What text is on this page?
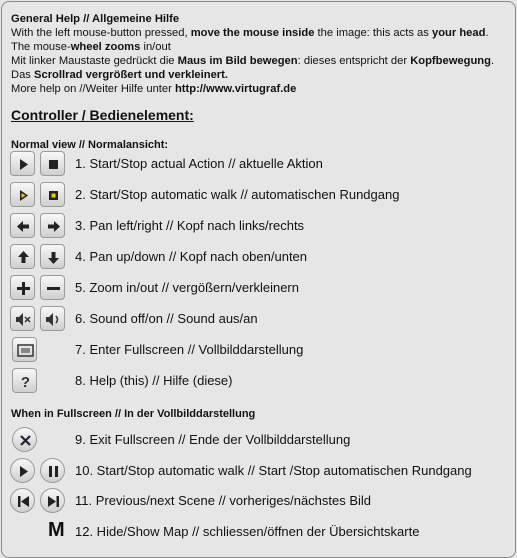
General Help // Allgemeine Hilfe
With the left mouse-button pressed, move the mouse inside the image: this acts as your head.
The mouse-wheel zooms in/out
Mit linker Maustaste gedrückt die Maus im Bild bewegen: dieses entspricht der Kopfbewegung.
Das Scrollrad vergrößert und verkleinert.
More help on //Weiter Hilfe unter http://www.virtugraf.de
Controller / Bedienelement:
Normal view // Normalansicht:
1. Start/Stop actual Action // aktuelle Aktion
2. Start/Stop automatic walk // automatischen Rundgang
3. Pan left/right // Kopf nach links/rechts
4. Pan up/down // Kopf nach oben/unten
5. Zoom in/out // vergößern/verkleinern
6. Sound off/on // Sound aus/an
7. Enter Fullscreen // Vollbilddarstellung
?	8. Help (this) // Hilfe (diese)
When in Fullscreen // In der Vollbilddarstellung
9. Exit Fullscreen // Ende der Vollbilddarstellung
10. Start/Stop automatic walk // Start /Stop automatischen Rundgang
11. Previous/next Scene // vorheriges/nächstes Bild
M 12. Hide/Show Map // schliessen/öffnen der Übersichtskarte
